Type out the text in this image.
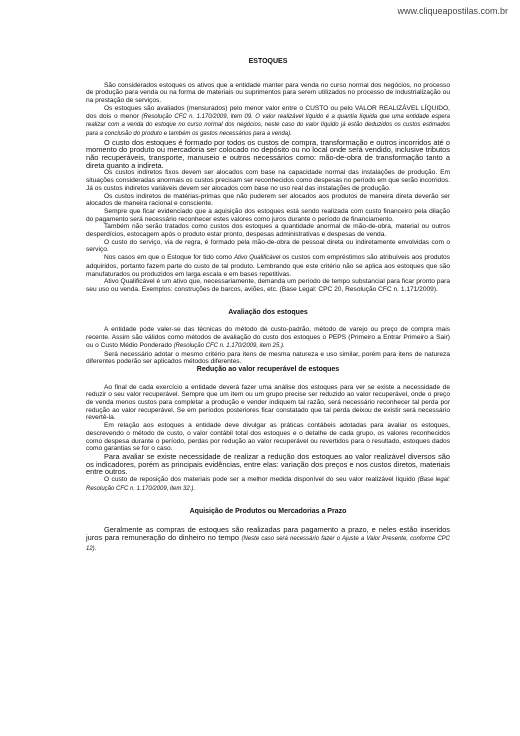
www.cliqueapostilas.com.br
ESTOQUES

São considerados estoques os ativos que a entidade manter para venda no curso normal dos negócios, no processo de produção para venda ou na forma de materiais ou suprimentos para serem utilizados no processo de industrialização ou na prestação de serviços.

Os estoques são avaliados (mensurados) pelo menor valor entre o CUSTO ou pelo VALOR REALIZÁVEL LÍQUIDO, dos dois o menor (Resolução CFC n. 1.170/2009, item 09. O valor realizável líquido é a quantia líquida que uma entidade espera realizar com a venda do estoque no curso normal dos negócios, neste caso do valor líquido já estão deduzidos os custos estimados para a conclusão do produto e também os gastos necessários para a venda).

O custo dos estoques é formado por todos os custos de compra, transformação e outros incorridos até o momento do produto ou mercadoria ser colocado no depósito ou no local onde será vendido, inclusive tributos não recuperáveis, transporte, manuseio e outros necessários como: mão-de-obra de transformação tanto a direta quanto a indireta.

Os custos indiretos fixos devem ser alocados com base na capacidade normal das instalações de produção. Em situações consideradas anormais os custos precisam ser reconhecidos como despesas no período em que serão incorridos. Já os custos indiretos variáveis devem ser alocados com base no uso real das instalações de produção.

Os custos indiretos de matérias-primas que não puderem ser alocados aos produtos de maneira direta deverão ser alocados de maneira racional e consciente.

Sempre que ficar evidenciado que a aquisição dos estoques está sendo realizada com custo financeiro pela dilação do pagamento será necessário reconhecer estes valores como juros durante o período de financiamento.

Também não serão tratados como custos dos estoques a quantidade anormal de mão-de-obra, material ou outros desperdícios, estocagem após o produto estar pronto, despesas administrativas e despesas de venda.

O custo do serviço, via de regra, é formado pela mão-de-obra de pessoal direta ou indiretamente envolvidas com o serviço.

Nos casos em que o Estoque for tido como Ativo Qualificável os custos com empréstimos são atribuíveis aos produtos adquiridos, portanto fazem parte do custo de tal produto. Lembrando que este critério não se aplica aos estoques que são manufaturados ou produzidos em larga escala e em bases repetitivas.

Ativo Qualificável é um ativo que, necessariamente, demanda um período de tempo substancial para ficar pronto para seu uso ou venda. Exemplos: construções de barcos, aviões, etc. (Base Legal: CPC 20, Resolução CFC n. 1.171/2009).

Avaliação dos estoques

A entidade pode valer-se das técnicas do método de custo-padrão, método de varejo ou preço de compra mais recente. Assim são válidos como métodos de avaliação do custo dos estoques o PEPS (Primeiro a Entrar Primeiro a Sair) ou o Custo Médio Ponderado (Resolução CFC n. 1.170/2009, item 25.).

Será necessário adotar o mesmo critério para itens de mesma natureza e uso similar, porém para itens de natureza diferentes poderão ser aplicados métodos diferentes.

Redução ao valor recuperável de estoques

Ao final de cada exercício a entidade deverá fazer uma análise dos estoques para ver se existe a necessidade de reduzir o seu valor recuperável. Sempre que um item ou um grupo precise ser reduzido ao valor recuperável, onde o preço de venda menos custos para completar a produção e vender indiquem tal razão, será necessário reconhecer tal perda por redução ao valor recuperável. Se em períodos posteriores ficar constatado que tal perda deixou de existir será necessário revertê-la.

Em relação aos estoques a entidade deve divulgar as práticas contábeis adotadas para avaliar os estoques, descrevendo o método de custo, o valor contábil total dos estoques e o detalhe de cada grupo, os valores reconhecidos como despesa durante o período, perdas por redução ao valor recuperável ou revertidos para o resultado, estoques dados como garantias se for o caso.

Para avaliar se existe necessidade de realizar a redução dos estoques ao valor realizável diversos são os indicadores, porém as principais evidências, entre elas: variação dos preços e nos custos diretos, materiais entre outros.

O custo de reposição dos materiais pode ser a melhor medida disponível do seu valor realizável líquido (Base legal: Resolução CFC n. 1.170/2009, item 32.).

Aquisição de Produtos ou Mercadorias a Prazo

Geralmente as compras de estoques são realizadas para pagamento a prazo, e neles estão inseridos juros para remuneração do dinheiro no tempo (Neste caso será necessário fazer o Ajuste a Valor Presente, conforme CPC 12).
